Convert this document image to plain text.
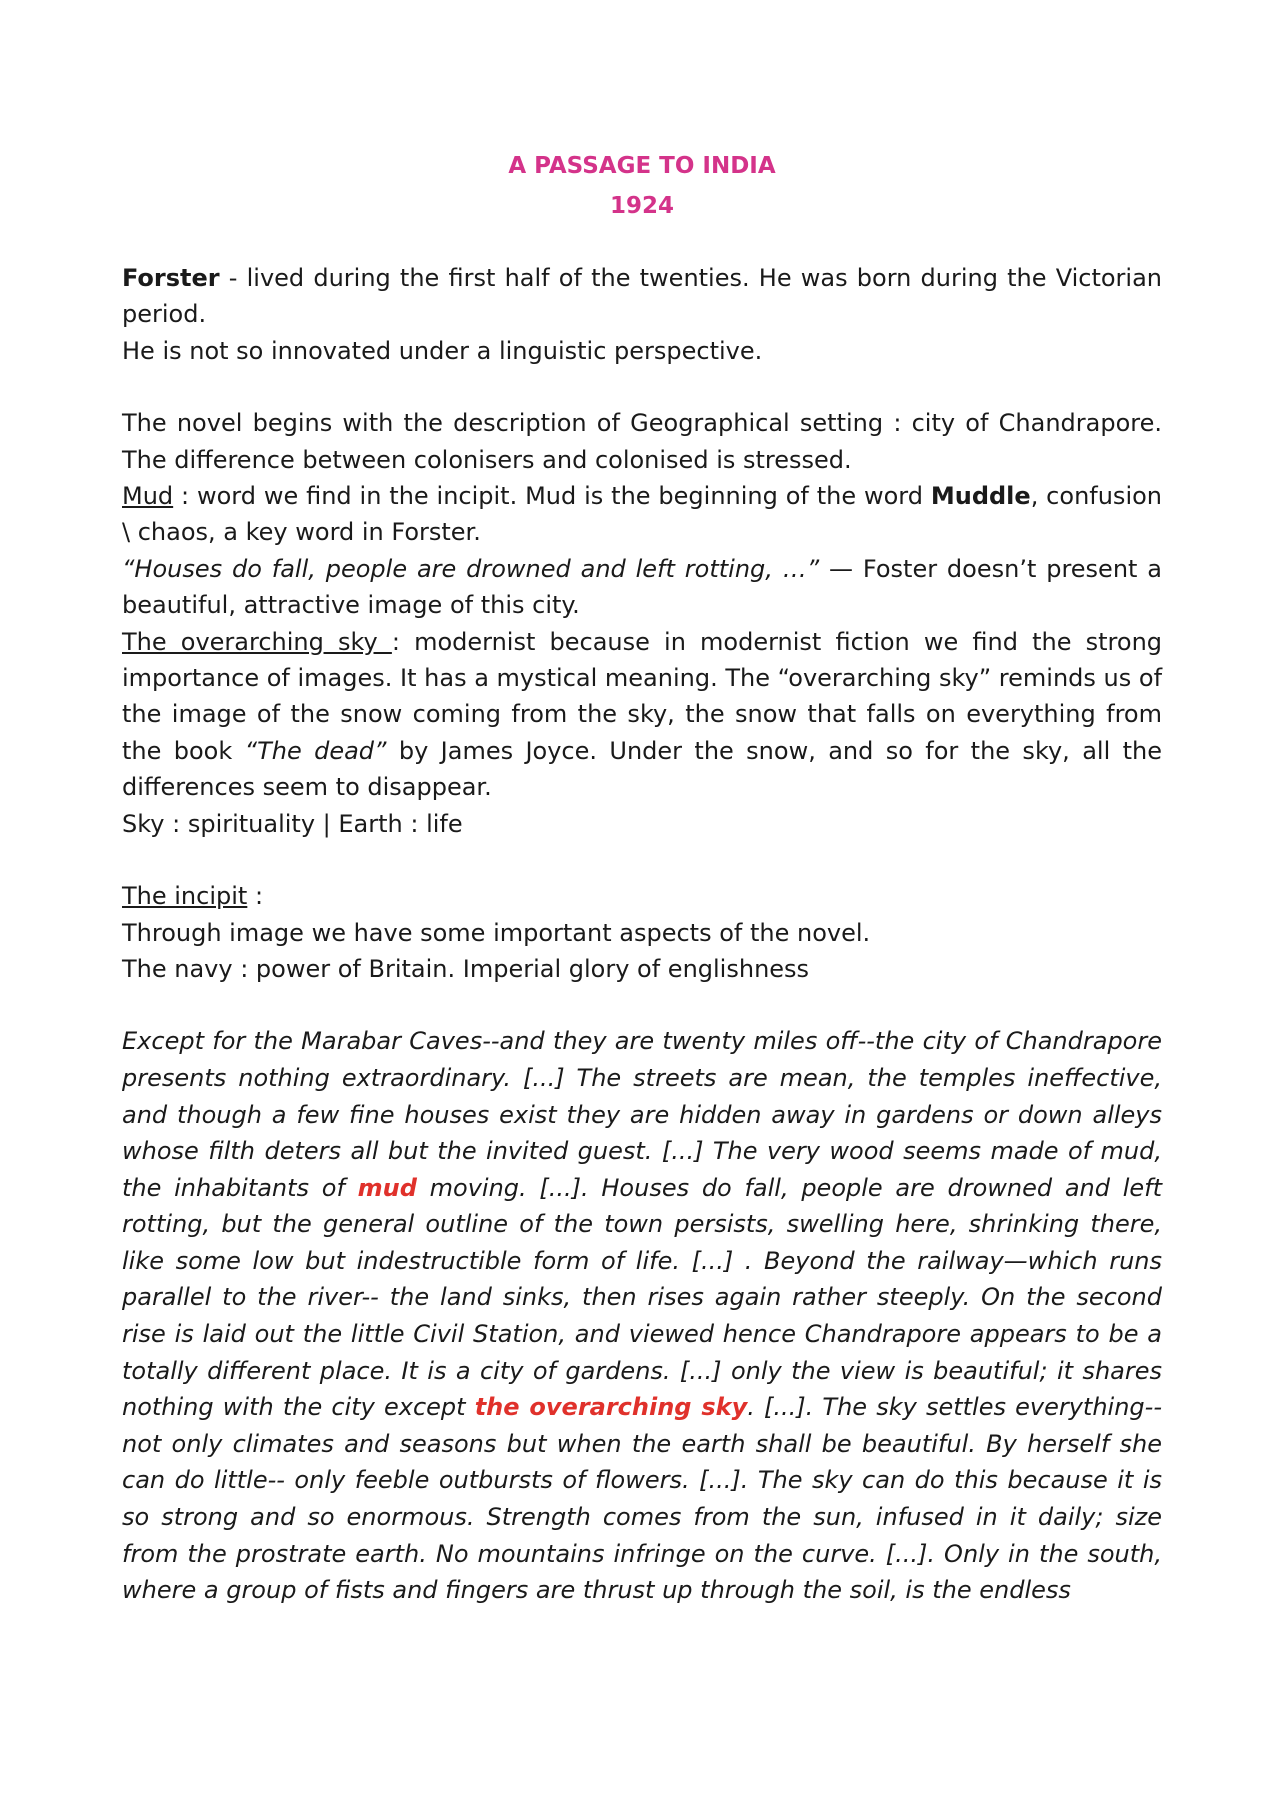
A PASSAGE TO INDIA
1924

Forster - lived during the first half of the twenties. He was born during the Victorian period.

He is not so innovated under a linguistic perspective.

The novel begins with the description of Geographical setting : city of Chandrapore. The difference between colonisers and colonised is stressed.

Mud : word we find in the incipit. Mud is the beginning of the word Muddle, confusion \ chaos, a key word in Forster.

“Houses do fall, people are drowned and left rotting, …” — Foster doesn’t present a beautiful, attractive image of this city.

The overarching sky : modernist because in modernist fiction we find the strong importance of images. It has a mystical meaning. The “overarching sky” reminds us of the image of the snow coming from the sky, the snow that falls on everything from the book “The dead” by James Joyce. Under the snow, and so for the sky, all the differences seem to disappear.

Sky : spirituality | Earth : life

The incipit :

Through image we have some important aspects of the novel.

The navy : power of Britain. Imperial glory of englishness

Except for the Marabar Caves--and they are twenty miles off--the city of Chandrapore presents nothing extraordinary. [...] The streets are mean, the temples ineffective, and though a few fine houses exist they are hidden away in gardens or down alleys whose filth deters all but the invited guest. [...] The very wood seems made of mud, the inhabitants of mud moving. [...]. Houses do fall, people are drowned and left rotting, but the general outline of the town persists, swelling here, shrinking there, like some low but indestructible form of life. [...] . Beyond the railway—which runs parallel to the river-- the land sinks, then rises again rather steeply. On the second rise is laid out the little Civil Station, and viewed hence Chandrapore appears to be a totally different place. It is a city of gardens. [...] only the view is beautiful; it shares nothing with the city except the overarching sky. [...]. The sky settles everything--not only climates and seasons but when the earth shall be beautiful. By herself she can do little-- only feeble outbursts of flowers. [...]. The sky can do this because it is so strong and so enormous. Strength comes from the sun, infused in it daily; size from the prostrate earth. No mountains infringe on the curve. [...]. Only in the south, where a group of fists and fingers are thrust up through the soil, is the endless
